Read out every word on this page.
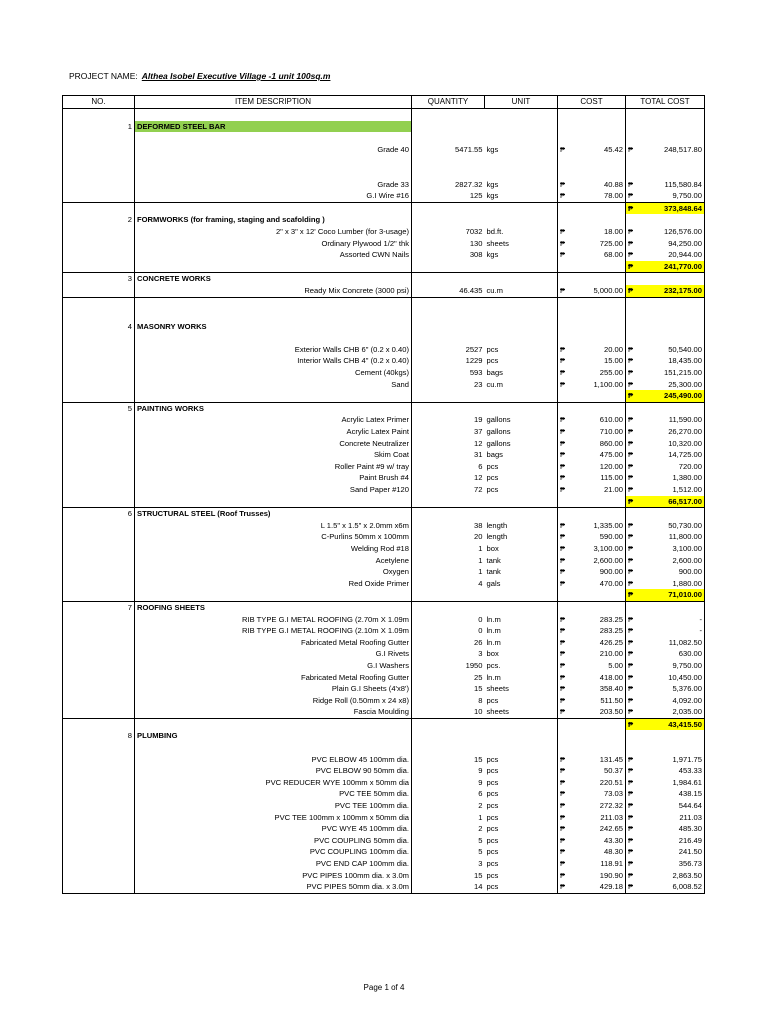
PROJECT NAME: Althea Isobel Executive Village -1 unit 100sq.m
NO.	ITEM DESCRIPTION	QUANTITY	UNIT	COST	TOTAL COST

1	DEFORMED STEEL BAR				

	Grade 40	5471.55	kgs	₱ 45.42	₱ 248,517.80

	Grade 33	2827.32	kgs	₱ 40.88	₱ 115,580.84

	G.I Wire #16	125	kgs	₱ 78.00	₱ 9,750.00

					₱ 373,848.64

2	FORMWORKS (for framing, staging and scafolding )				
	2" x 3" x 12' Coco Lumber (for 3-usage)	7032	bd.ft.	₱ 18.00	₱ 126,576.00

	Ordinary Plywood 1/2" thk	130	sheets	₱ 725.00	₱ 94,250.00

	Assorted CWN Nails	308	kgs	₱ 68.00	₱ 20,944.00

					₱ 241,770.00

3	CONCRETE WORKS				
	Ready Mix Concrete (3000 psi)	46.435	cu.m	₱ 5,000.00	₱ 232,175.00

4	MASONRY WORKS				

	Exterior Walls CHB 6" (0.2 x 0.40)	2527	pcs	₱ 20.00	₱ 50,540.00

	Interior Walls CHB 4" (0.2 x 0.40)	1229	pcs	₱ 15.00	₱ 18,435.00

	Cement (40kgs)	593	bags	₱ 255.00	₱ 151,215.00

	Sand	23	cu.m	₱ 1,100.00	₱ 25,300.00

					₱ 245,490.00

5	PAINTING WORKS				
	Acrylic Latex Primer	19	gallons	₱ 610.00	₱ 11,590.00

	Acrylic Latex Paint	37	gallons	₱ 710.00	₱ 26,270.00

	Concrete Neutralizer	12	gallons	₱ 860.00	₱ 10,320.00

	Skim Coat	31	bags	₱ 475.00	₱ 14,725.00

	Roller Paint #9 w/ tray	6	pcs	₱ 120.00	₱ 720.00

	Paint Brush #4	12	pcs	₱ 115.00	₱ 1,380.00

	Sand Paper #120	72	pcs	₱ 21.00	₱ 1,512.00

					₱ 66,517.00

6	STRUCTURAL STEEL (Roof Trusses)				
	L 1.5" x 1.5" x 2.0mm x6m	38	length	₱ 1,335.00	₱ 50,730.00

	C-Purlins 50mm x 100mm	20	length	₱ 590.00	₱ 11,800.00

	Welding Rod #18	1	box	₱ 3,100.00	₱ 3,100.00

	Acetylene	1	tank	₱ 2,600.00	₱ 2,600.00

	Oxygen	1	tank	₱ 900.00	₱ 900.00

	Red Oxide Primer	4	gals	₱ 470.00	₱ 1,880.00

					₱ 71,010.00

7	ROOFING SHEETS				
	RIB TYPE G.I METAL ROOFING (2.70m X 1.09m	0	ln.m	₱ 283.25	₱ -

	RIB TYPE G.I METAL ROOFING (2.10m X 1.09m	0	ln.m	₱ 283.25	₱ -

	Fabricated Metal Roofing Gutter	26	ln.m	₱ 426.25	₱ 11,082.50

	G.I Rivets	3	box	₱ 210.00	₱ 630.00

	G.I Washers	1950	pcs.	₱ 5.00	₱ 9,750.00

	Fabricated Metal Roofing Gutter	25	ln.m	₱ 418.00	₱ 10,450.00

	Plain G.I Sheets (4'x8')	15	sheets	₱ 358.40	₱ 5,376.00

	Ridge Roll (0.50mm x 24 x8)	8	pcs	₱ 511.50	₱ 4,092.00

	Fascia Moulding	10	sheets	₱ 203.50	₱ 2,035.00

					₱ 43,415.50

8	PLUMBING				

	PVC ELBOW 45 100mm dia.	15	pcs	₱ 131.45	₱ 1,971.75

	PVC ELBOW 90 50mm dia.	9	pcs	₱ 50.37	₱ 453.33

	PVC REDUCER WYE 100mm x 50mm dia	9	pcs	₱ 220.51	₱ 1,984.61

	PVC TEE 50mm dia.	6	pcs	₱ 73.03	₱ 438.15

	PVC TEE 100mm dia.	2	pcs	₱ 272.32	₱ 544.64

	PVC TEE 100mm x 100mm x 50mm dia	1	pcs	₱ 211.03	₱ 211.03

	PVC WYE 45 100mm dia.	2	pcs	₱ 242.65	₱ 485.30

	PVC COUPLING 50mm dia.	5	pcs	₱ 43.30	₱ 216.49

	PVC COUPLING 100mm dia.	5	pcs	₱ 48.30	₱ 241.50

	PVC END CAP 100mm dia.	3	pcs	₱ 118.91	₱ 356.73

	PVC PIPES 100mm dia. x 3.0m	15	pcs	₱ 190.90	₱ 2,863.50

	PVC PIPES 50mm dia. x 3.0m	14	pcs	₱ 429.18	₱ 6,008.52
Page 1 of 4
